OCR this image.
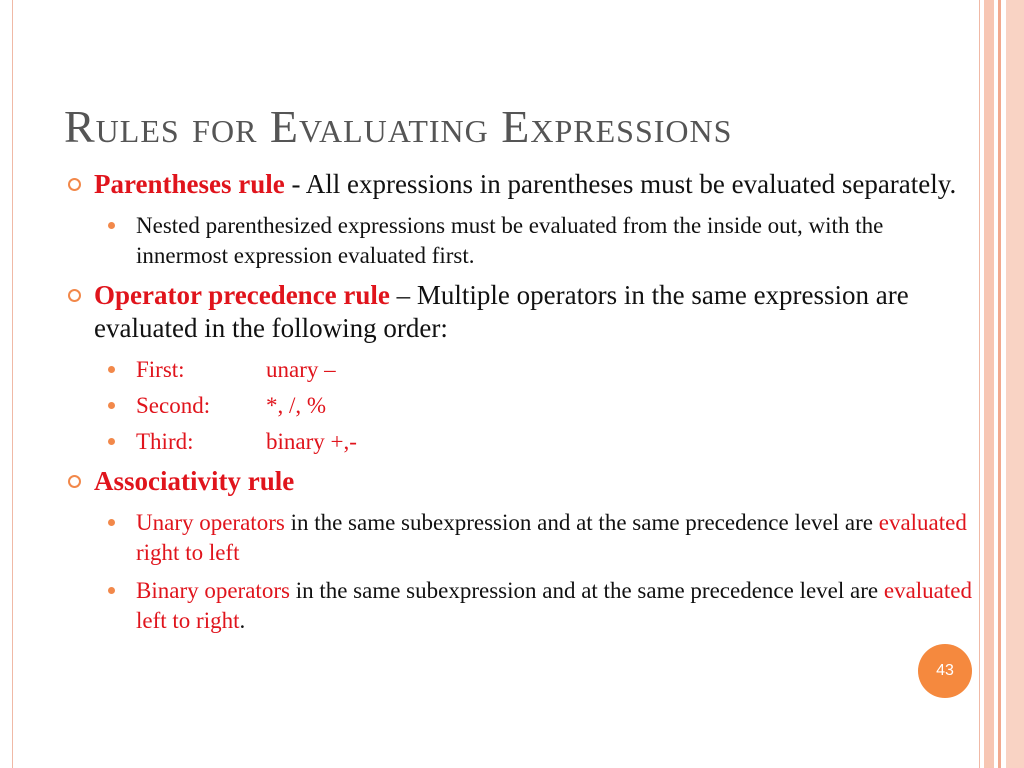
Rules for Evaluating Expressions
Parentheses rule - All expressions in parentheses must be evaluated separately.
Nested parenthesized expressions must be evaluated from the inside out, with the innermost expression evaluated first.
Operator precedence rule – Multiple operators in the same expression are evaluated in the following order:
First:	unary –
Second: *, /, %
Third:	binary +,-
Associativity rule
Unary operators in the same subexpression and at the same precedence level are evaluated right to left
Binary operators in the same subexpression and at the same precedence level are evaluated left to right.
43
